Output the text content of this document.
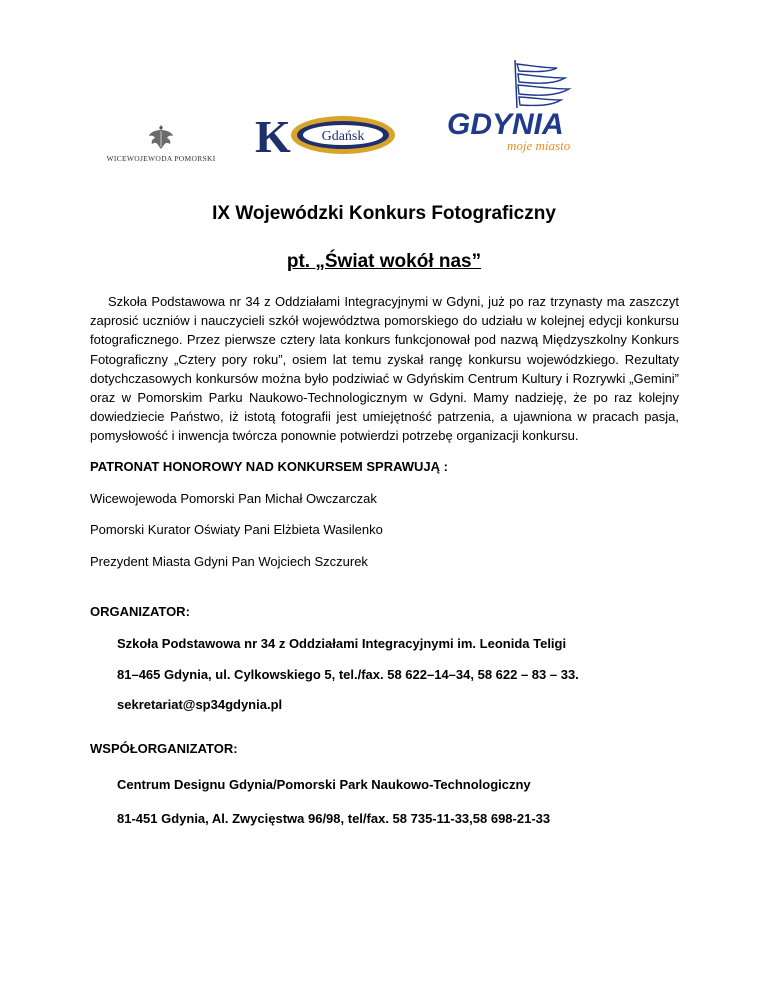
WICEWOJEWODA POMORSKI K Gdańsk	GDYNIA
moje miasto
IX Wojewódzki Konkurs Fotograficzny
pt. „Świat wokół nas”
Szkoła Podstawowa nr 34 z Oddziałami Integracyjnymi w Gdyni, już po raz trzynasty ma zaszczyt zaprosić uczniów i nauczycieli szkół województwa pomorskiego do udziału w kolejnej edycji konkursu fotograficznego. Przez pierwsze cztery lata konkurs funkcjonował pod nazwą Międzyszkolny Konkurs Fotograficzny „Cztery pory roku”, osiem lat temu zyskał rangę konkursu wojewódzkiego. Rezultaty dotychczasowych konkursów można było podziwiać w Gdyńskim Centrum Kultury i Rozrywki „Gemini” oraz w Pomorskim Parku Naukowo-Technologicznym w Gdyni. Mamy nadzieję, że po raz kolejny dowiedziecie Państwo, iż istotą fotografii jest umiejętność patrzenia, a ujawniona w pracach pasja, pomysłowość i inwencja twórcza ponownie potwierdzi potrzebę organizacji konkursu.
PATRONAT HONOROWY NAD KONKURSEM SPRAWUJĄ :
Wicewojewoda Pomorski Pan Michał Owczarczak
Pomorski Kurator Oświaty Pani Elżbieta Wasilenko
Prezydent Miasta Gdyni Pan Wojciech Szczurek
ORGANIZATOR:
Szkoła Podstawowa nr 34 z Oddziałami Integracyjnymi im. Leonida Teligi
81–465 Gdynia, ul. Cylkowskiego 5, tel./fax. 58 622–14–34, 58 622 – 83 – 33.
sekretariat@sp34gdynia.pl
WSPÓŁORGANIZATOR:
Centrum Designu Gdynia/Pomorski Park Naukowo-Technologiczny
81-451 Gdynia, Al. Zwycięstwa 96/98, tel/fax. 58 735-11-33,58 698-21-33
